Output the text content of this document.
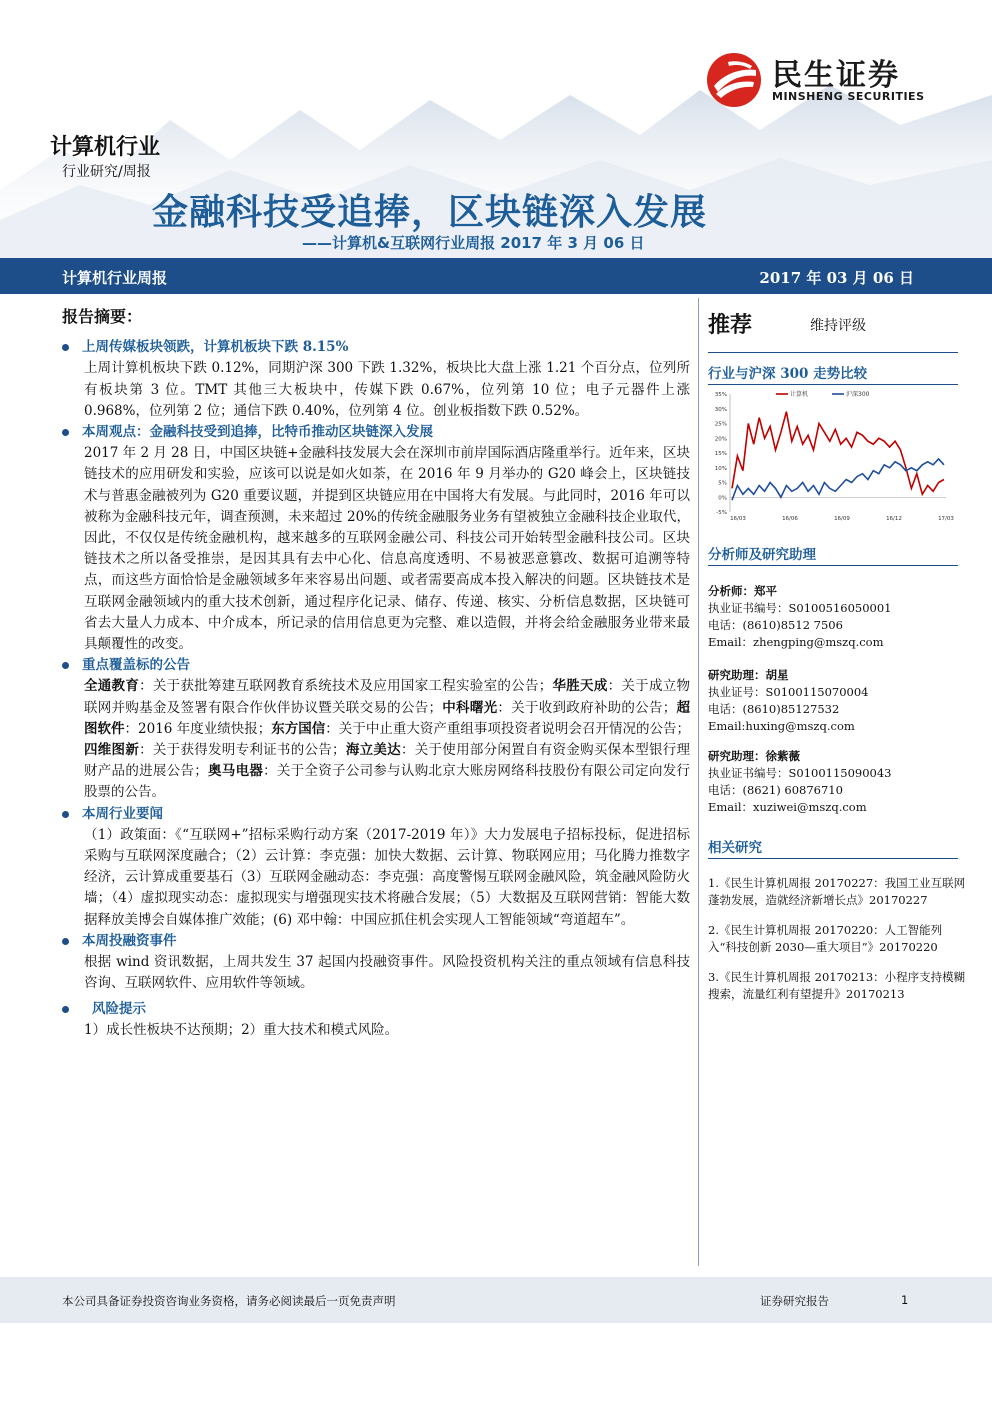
民生证券
MINSHENG SECURITIES
计算机行业
行业研究/周报
金融科技受追捧，区块链深入发展
——计算机&互联网行业周报 2017 年 3 月 06 日
计算机行业周报	2017 年 03 月 06 日
报告摘要：
上周传媒板块领跌，计算机板块下跌 8.15%
上周计算机板块下跌 0.12%，同期沪深 300 下跌 1.32%，板块比大盘上涨 1.21 个百分点，位列所有板块第 3 位。TMT 其他三大板块中，传媒下跌 0.67%，位列第 10 位；电子元器件上涨 0.968%，位列第 2 位；通信下跌 0.40%，位列第 4 位。创业板指数下跌 0.52%。
本周观点：金融科技受到追捧，比特币推动区块链深入发展
2017 年 2 月 28 日，中国区块链+金融科技发展大会在深圳市前岸国际酒店隆重举行。近年来，区块链技术的应用研发和实验，应该可以说是如火如荼，在 2016 年 9 月举办的 G20 峰会上，区块链技术与普惠金融被列为 G20 重要议题，并提到区块链应用在中国将大有发展。与此同时，2016 年可以被称为金融科技元年，调查预测，未来超过 20%的传统金融服务业务有望被独立金融科技企业取代，因此，不仅仅是传统金融机构，越来越多的互联网金融公司、科技公司开始转型金融科技公司。区块链技术之所以备受推崇，是因其具有去中心化、信息高度透明、不易被恶意篡改、数据可追溯等特点，而这些方面恰恰是金融领域多年来容易出问题、或者需要高成本投入解决的问题。区块链技术是互联网金融领域内的重大技术创新，通过程序化记录、储存、传递、核实、分析信息数据，区块链可省去大量人力成本、中介成本，所记录的信用信息更为完整、难以造假，并将会给金融服务业带来最具颠覆性的改变。
重点覆盖标的公告
全通教育：关于获批筹建互联网教育系统技术及应用国家工程实验室的公告；华胜天成：关于成立物联网并购基金及签署有限合作伙伴协议暨关联交易的公告；中科曙光：关于收到政府补助的公告；超图软件：2016 年度业绩快报；东方国信：关于中止重大资产重组事项投资者说明会召开情况的公告；四维图新：关于获得发明专利证书的公告；海立美达：关于使用部分闲置自有资金购买保本型银行理财产品的进展公告；奥马电器：关于全资子公司参与认购北京大账房网络科技股份有限公司定向发行股票的公告。
本周行业要闻
（1）政策面：《“互联网+”招标采购行动方案（2017-2019 年）》大力发展电子招标投标，促进招标采购与互联网深度融合；（2）云计算：李克强：加快大数据、云计算、物联网应用；马化腾力推数字经济，云计算成重要基石（3）互联网金融动态：李克强：高度警惕互联网金融风险，筑金融风险防火墙；（4）虚拟现实动态：虚拟现实与增强现实技术将融合发展；（5）大数据及互联网营销：智能大数据释放美博会自媒体推广效能；(6) 邓中翰：中国应抓住机会实现人工智能领域“弯道超车”。
本周投融资事件
根据 wind 资讯数据，上周共发生 37 起国内投融资事件。风险投资机构关注的重点领域有信息科技咨询、互联网软件、应用软件等领域。
风险提示
1）成长性板块不达预期；2）重大技术和模式风险。
推荐	维持评级
行业与沪深 300 走势比较
35%
30%
25%
20%
15%
10%
5%
0%
-5%
16/03	16/06	16/09	16/12	17/03
计算机	沪深300
分析师及研究助理
分析师：郑平
执业证书编号：S0100516050001
电话：(8610)8512 7506
Email：zhengping@mszq.com
研究助理：胡星
执业证号：S0100115070004
电话：(8610)85127532
Email:huxing@mszq.com
研究助理：徐紫薇
执业证书编号：S0100115090043
电话：(8621) 60876710
Email：xuziwei@mszq.com
相关研究

1.《民生计算机周报 20170227：我国工业互联网蓬勃发展，造就经济新增长点》20170227

2.《民生计算机周报 20170220：人工智能列入“科技创新 2030—重大项目”》20170220

3.《民生计算机周报 20170213：小程序支持模糊搜索，流量红利有望提升》20170213

本公司具备证券投资咨询业务资格，请务必阅读最后一页免责声明	证券研究报告	1
